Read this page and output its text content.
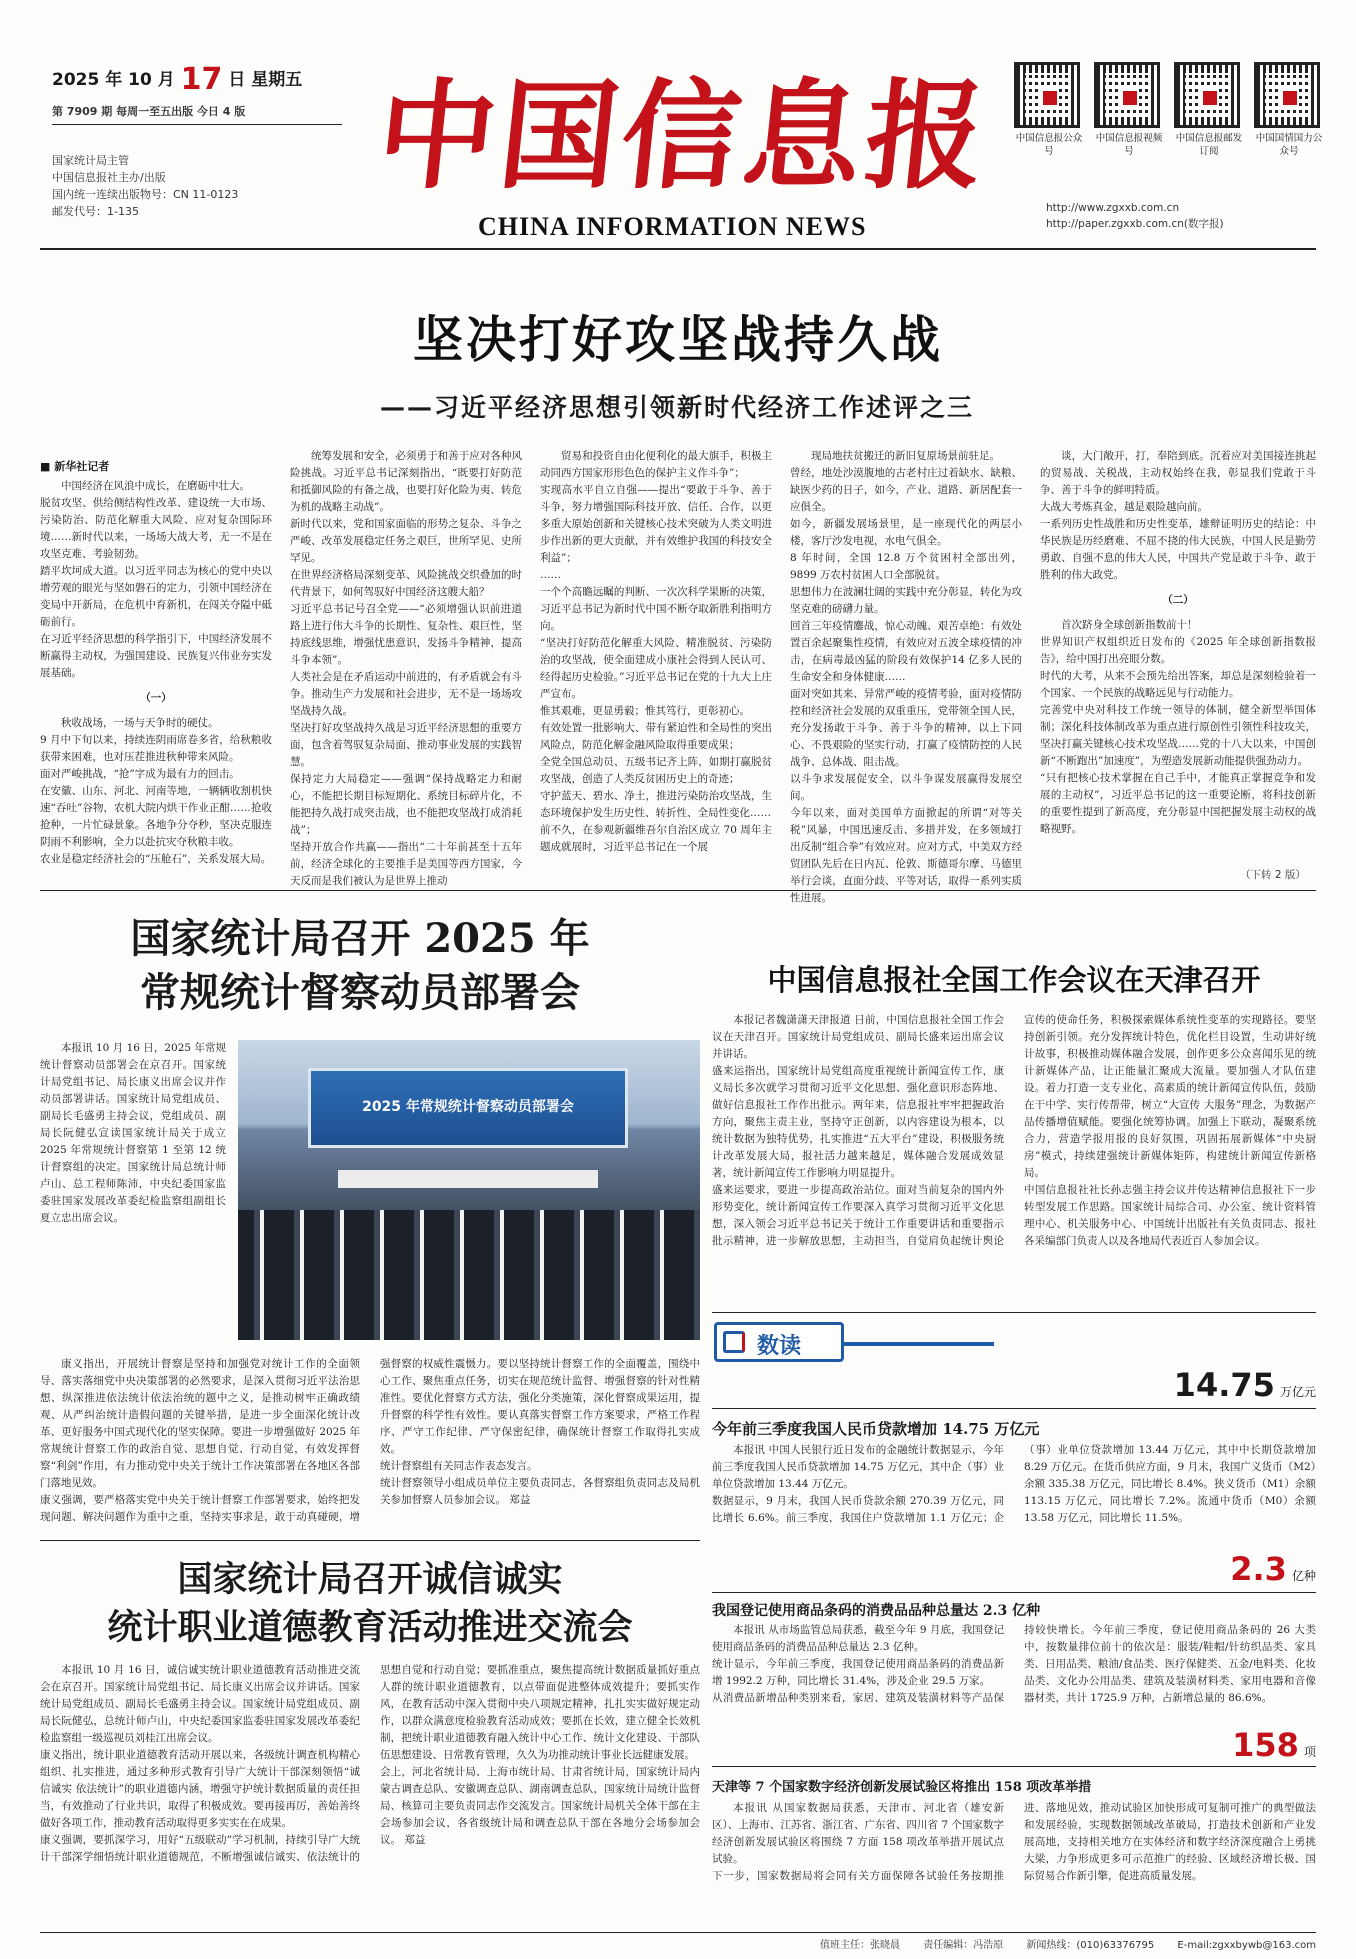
2025 年 10 月 17 日 星期五
第 7909 期 每周一至五出版 今日 4 版
国家统计局主管
中国信息报社主办/出版
国内统一连续出版物号：CN 11-0123
邮发代号：1-135
中国信息报
CHINA INFORMATION NEWS
中国信息报公众号
中国信息报视频号
中国信息报邮发订阅
中国国情国力公众号
http://www.zgxxb.com.cn
http://paper.zgxxb.com.cn(数字报)
坚决打好攻坚战持久战
——习近平经济思想引领新时代经济工作述评之三
■ 新华社记者
中国经济在风浪中成长，在磨砺中壮大。
脱贫攻坚、供给侧结构性改革、建设统一大市场、污染防治、防范化解重大风险、应对复杂国际环境……新时代以来，一场场大战大考，无一不是在攻坚克难、考验韧劲。
踏平坎坷成大道。以习近平同志为核心的党中央以增劳观的眼光与坚如磐石的定力，引领中国经济在变局中开新局，在危机中育新机，在闯关夺隘中砥砺前行。
在习近平经济思想的科学指引下，中国经济发展不断赢得主动权，为强国建设、民族复兴伟业夯实发展基础。
（一）
秋收战场，一场与天争时的硬仗。
9 月中下旬以来，持续连阴雨席卷多省，给秋粮收获带来困难，也对压茬推进秋种带来风险。
面对严峻挑战，“抢”字成为最有力的回击。
在安徽、山东、河北、河南等地，一辆辆收割机快速“吞吐”谷物，农机大院内烘干作业正酣……抢收抢种，一片忙碌景象。各地争分夺秒，坚决克服连阴雨不利影响，全力以赴抗灾夺秋粮丰收。
农业是稳定经济社会的“压舱石”，关系发展大局。
统筹发展和安全，必须勇于和善于应对各种风险挑战。习近平总书记深刻指出，“既要打好防范和抵御风险的有备之战，也要打好化险为夷、转危为机的战略主动战”。
新时代以来，党和国家面临的形势之复杂、斗争之严峻、改革发展稳定任务之艰巨，世所罕见、史所罕见。
在世界经济格局深刻变革、风险挑战交织叠加的时代背景下，如何驾驭好中国经济这艘大船？
习近平总书记号召全党——“必须增强认识前进道路上进行伟大斗争的长期性、复杂性、艰巨性，坚持底线思维，增强忧患意识，发扬斗争精神，提高斗争本领”。
人类社会是在矛盾运动中前进的，有矛盾就会有斗争。推动生产力发展和社会进步，无不是一场场攻坚战持久战。
坚决打好攻坚战持久战是习近平经济思想的重要方面，包含着驾驭复杂局面、推动事业发展的实践智慧。
保持定力大局稳定——强调“保持战略定力和耐心，不能把长期目标短期化、系统目标碎片化，不能把持久战打成突击战，也不能把攻坚战打成消耗战”；
坚持开放合作共赢——指出“二十年前甚至十五年前，经济全球化的主要推手是美国等西方国家，今天反而是我们被认为是世界上推动
贸易和投资自由化便利化的最大旗手，积极主动同西方国家形形色色的保护主义作斗争”；
实现高水平自立自强——提出“要敢于斗争、善于斗争，努力增强国际科技开放、信任、合作，以更多重大原始创新和关键核心技术突破为人类文明进步作出新的更大贡献，并有效维护我国的科技安全利益”；
……
一个个高瞻远瞩的判断、一次次科学果断的决策，习近平总书记为新时代中国不断夺取新胜利指明方向。
“坚决打好防范化解重大风险、精准脱贫、污染防治的攻坚战，使全面建成小康社会得到人民认可、经得起历史检验。”习近平总书记在党的十九大上庄严宣布。
惟其艰难，更显勇毅；惟其笃行，更彰初心。
有效处置一批影响大、带有紧迫性和全局性的突出风险点，防范化解金融风险取得重要成果；
全党全国总动员、五级书记齐上阵，如期打赢脱贫攻坚战，创造了人类反贫困历史上的奇迹；
守护蓝天、碧水、净土，推进污染防治攻坚战，生态环境保护发生历史性、转折性、全局性变化……
前不久，在参观新疆维吾尔自治区成立 70 周年主题成就展时，习近平总书记在一个展
现局地扶贫搬迁的新旧复原场景前驻足。
曾经，地处沙漠腹地的古老村庄过着缺水、缺粮、缺医少药的日子，如今，产业、道路、新居配套一应俱全。
如今，新疆发展场景里，是一座现代化的两层小楼，客厅沙发电视，水电气俱全。
8 年时间，全国 12.8 万个贫困村全部出列，9899 万农村贫困人口全部脱贫。
思想伟力在波澜壮阔的实践中充分彰显，转化为攻坚克难的磅礴力量。
回首三年疫情鏖战，惊心动魄、艰苦卓绝：有效处置百余起聚集性疫情，有效应对五波全球疫情的冲击，在病毒最凶猛的阶段有效保护14 亿多人民的生命安全和身体健康……
面对突如其来、异常严峻的疫情考验，面对疫情防控和经济社会发展的双重重压，党带领全国人民，充分发扬敢于斗争、善于斗争的精神，以上下同心、不畏艰险的坚实行动，打赢了疫情防控的人民战争、总体战、阻击战。
以斗争求发展促安全，以斗争谋发展赢得发展空间。
今年以来，面对美国单方面掀起的所谓“对等关税”风暴，中国迅速反击、多措并发，在多领域打出反制“组合拳”有效应对。应对方式，中美双方经贸团队先后在日内瓦、伦敦、斯德哥尔摩、马德里举行会谈，直面分歧、平等对话，取得一系列实质性进展。
谈，大门敞开，打，奉陪到底。沉着应对美国接连挑起的贸易战、关税战，主动权始终在我，彰显我们党敢于斗争、善于斗争的鲜明特质。
大战大考炼真金，越是艰险越向前。
一系列历史性战胜和历史性变革，雄辩证明历史的结论：中华民族是历经磨难、不屈不挠的伟大民族，中国人民是勤劳勇敢、自强不息的伟大人民，中国共产党是敢于斗争、敢于胜利的伟大政党。
（二）
首次跻身全球创新指数前十！
世界知识产权组织近日发布的《2025 年全球创新指数报告》，给中国打出亮眼分数。
时代的大考，从来不会预先给出答案，却总是深刻检验着一个国家、一个民族的战略远见与行动能力。
完善党中央对科技工作统一领导的体制，健全新型举国体制；深化科技体制改革为重点进行原创性引领性科技攻关，坚决打赢关键核心技术攻坚战……党的十八大以来，中国创新“不断跑出”加速度”，为塑造发展新动能提供强劲动力。
“只有把核心技术掌握在自己手中，才能真正掌握竞争和发展的主动权”，习近平总书记的这一重要论断，将科技创新的重要性提到了新高度，充分彰显中国把握发展主动权的战略视野。
（下转 2 版）
国家统计局召开 2025 年
常规统计督察动员部署会
本报讯 10 月 16 日，2025 年常规统计督察动员部署会在京召开。国家统计局党组书记、局长康义出席会议并作动员部署讲话。国家统计局党组成员、副局长毛盛勇主持会议，党组成员、副局长阮健弘宣读国家统计局关于成立 2025 年常规统计督察第 1 至第 12 统计督察组的决定。国家统计局总统计师卢山、总工程师陈沛，中央纪委国家监委驻国家发展改革委纪检监察组副组长夏立忠出席会议。
2025 年常规统计督察动员部署会
康义指出，开展统计督察是坚持和加强党对统计工作的全面领导、落实落细党中央决策部署的必然要求，是深入贯彻习近平法治思想、纵深推进依法统计依法治统的题中之义，是推动树牢正确政绩观、从严纠治统计造假问题的关键举措，是进一步全面深化统计改革、更好服务中国式现代化的坚实保障。要进一步增强做好 2025 年常规统计督察工作的政治自觉、思想自觉、行动自觉，有效发挥督察“利剑”作用，有力推动党中央关于统计工作决策部署在各地区各部门落地见效。
康义强调，要严格落实党中央关于统计督察工作部署要求，始终把发现问题、解决问题作为重中之重，坚持实事求是，敢于动真碰硬，增强督察的权威性震慑力。要以坚持统计督察工作的全面覆盖，围绕中心工作、聚焦重点任务，切实在规范统计监督、增强督察的针对性精准性。要优化督察方式方法，强化分类施策，深化督察成果运用，提升督察的科学性有效性。要认真落实督察工作方案要求，严格工作程序、严守工作纪律、严守保密纪律，确保统计督察工作取得扎实成效。
统计督察组有关同志作表态发言。
统计督察领导小组成员单位主要负责同志，各督察组负责同志及局机关参加督察人员参加会议。 郑益
国家统计局召开诚信诚实
统计职业道德教育活动推进交流会
本报讯 10 月 16 日，诚信诚实统计职业道德教育活动推进交流会在京召开。国家统计局党组书记、局长康义出席会议并讲话。国家统计局党组成员、副局长毛盛勇主持会议。国家统计局党组成员、副局长阮健弘，总统计师卢山，中央纪委国家监委驻国家发展改革委纪检监察组一级巡视员刘桂江出席会议。
康义指出，统计职业道德教育活动开展以来，各级统计调查机构精心组织、扎实推进，通过多种形式教育引导广大统计干部深刻领悟“诚信诚实 依法统计”的职业道德内涵，增强守护统计数据质量的责任担当，有效推动了行业共识，取得了积极成效。要再接再厉，善始善终做好各项工作，推动教育活动取得更多实实在在成果。
康义强调，要抓深学习，用好“五级联动”学习机制，持续引导广大统计干部深学细悟统计职业道德规范，不断增强诚信诚实、依法统计的思想自觉和行动自觉；要抓准重点，聚焦提高统计数据质量抓好重点人群的统计职业道德教育，以点带面促进整体成效提升；要抓实作风，在教育活动中深入贯彻中央八项规定精神，扎扎实实做好规定动作，以群众满意度检验教育活动成效；要抓在长效，建立健全长效机制，把统计职业道德教育融入统计中心工作、统计文化建设、干部队伍思想建设、日常教育管理，久久为功推动统计事业长远健康发展。
会上，河北省统计局、上海市统计局、甘肃省统计局，国家统计局内蒙古调查总队、安徽调查总队、湖南调查总队，国家统计局统计监督局、核算司主要负责同志作交流发言。国家统计局机关全体干部在主会场参加会议，各省级统计局和调查总队干部在各地分会场参加会议。 郑益
中国信息报社全国工作会议在天津召开
本报记者魏潇潇天津报道 日前，中国信息报社全国工作会议在天津召开。国家统计局党组成员、副局长盛来运出席会议并讲话。
盛来运指出，国家统计局党组高度重视统计新闻宣传工作，康义局长多次就学习贯彻习近平文化思想、强化意识形态阵地、做好信息报社工作作出批示。两年来，信息报社牢牢把握政治方向，聚焦主责主业，坚持守正创新，以内容建设为根本，以统计数据为独特优势，扎实推进“五大平台”建设，积极服务统计改革发展大局，报社活力越来越足，媒体融合发展成效显著，统计新闻宣传工作影响力明显提升。
盛来运要求，要进一步提高政治站位。面对当前复杂的国内外形势变化，统计新闻宣传工作要深入真学习贯彻习近平文化思想，深入领会习近平总书记关于统计工作重要讲话和重要指示批示精神，进一步解放思想，主动担当，自觉肩负起统计舆论宣传的使命任务，积极探索媒体系统性变革的实现路径。要坚持创新引领。充分发挥统计特色，优化栏目设置，生动讲好统计故事，积极推动媒体融合发展，创作更多公众喜闻乐见的统计新媒体产品，让正能量汇聚成大流量。要加强人才队伍建设。着力打造一支专业化、高素质的统计新闻宣传队伍，鼓励在干中学、实行传帮带，树立“大宣传 大服务”理念，为数据产品传播增值赋能。要强化统筹协调。加强上下联动，凝聚系统合力，营造学报用报的良好氛围，巩固拓展新媒体“中央厨房”模式，持续建强统计新媒体矩阵，构建统计新闻宣传新格局。
中国信息报社社长孙志强主持会议并传达精神信息报社下一步转型发展工作思路。国家统计局综合司、办公室、统计资料管理中心、机关服务中心、中国统计出版社有关负责同志、报社各采编部门负责人以及各地局代表近百人参加会议。
数读
14.75 万亿元
今年前三季度我国人民币贷款增加 14.75 万亿元
本报讯 中国人民银行近日发布的金融统计数据显示，今年前三季度我国人民币贷款增加 14.75 万亿元，其中企（事）业单位贷款增加 13.44 万亿元。
数据显示，9 月末，我国人民币贷款余额 270.39 万亿元，同比增长 6.6%。前三季度，我国住户贷款增加 1.1 万亿元；企（事）业单位贷款增加 13.44 万亿元，其中中长期贷款增加 8.29 万亿元。在货币供应方面，9 月末，我国广义货币（M2）余额 335.38 万亿元，同比增长 8.4%。狭义货币（M1）余额 113.15 万亿元，同比增长 7.2%。流通中货币（M0）余额 13.58 万亿元，同比增长 11.5%。
2.3 亿种
我国登记使用商品条码的消费品品种总量达 2.3 亿种
本报讯 从市场监管总局获悉，截至今年 9 月底，我国登记使用商品条码的消费品品种总量达 2.3 亿种。
统计显示，今年前三季度，我国登记使用商品条码的消费品新增 1992.2 万种，同比增长 31.4%，涉及企业 29.5 万家。
从消费品新增品种类别来看，家居、建筑及装潢材料等产品保持较快增长。今年前三季度，登记使用商品条码的 26 大类中，按数量排位前十的依次是：服装/鞋帽/针纺织品类、家具类、日用品类、粮油/食品类、医疗保健类、五金/电料类、化妆品类、文化办公用品类、建筑及装潢材料类、家用电器和音像器材类，共计 1725.9 万种，占新增总量的 86.6%。
158 项
天津等 7 个国家数字经济创新发展试验区将推出 158 项改革举措
本报讯 从国家数据局获悉，天津市、河北省（雄安新区）、上海市、江苏省、浙江省、广东省、四川省 7 个国家数字经济创新发展试验区将围绕 7 方面 158 项改革举措开展试点试验。
下一步，国家数据局将会同有关方面保障各试验任务按期推进、落地见效，推动试验区加快形成可复制可推广的典型做法和发展经验，实现数据领域改革破局，打造技术创新和产业发展高地，支持相关地方在实体经济和数字经济深度融合上勇挑大梁，力争形成更多可示范推广的经验、区域经济增长极、国际贸易合作新引擎，促进高质量发展。
值班主任：张晓晨 责任编辑：冯浩原 新闻热线：(010)63376795 E-mail:zgxxbywb@163.com
